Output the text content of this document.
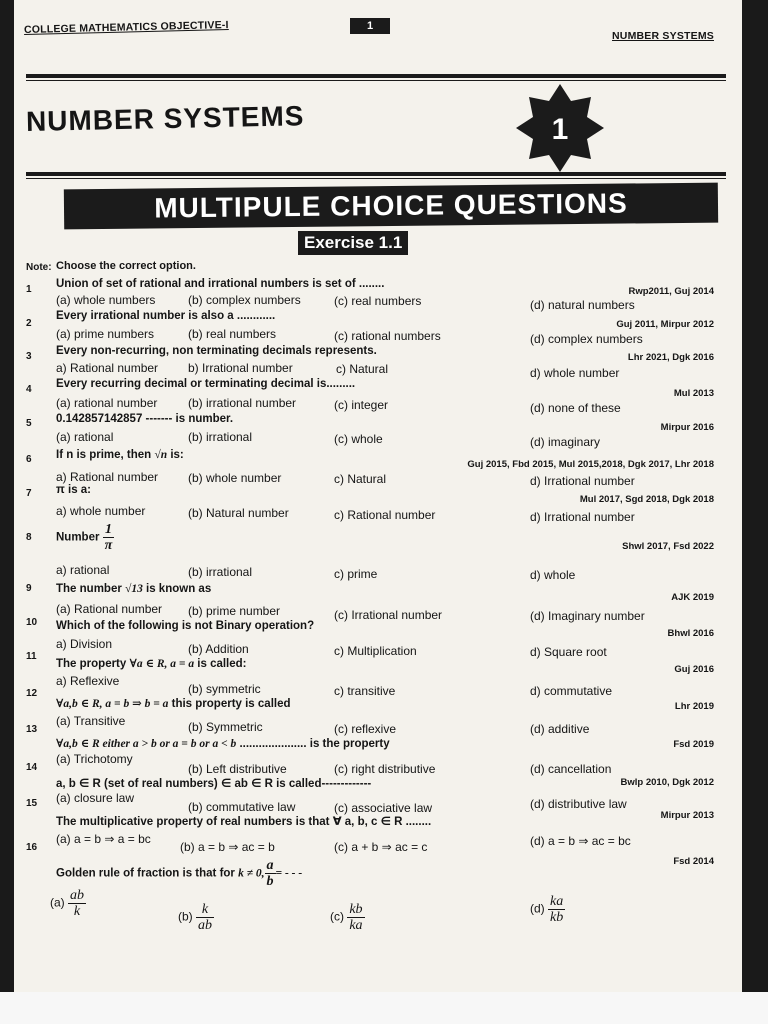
COLLEGE MATHEMATICS OBJECTIVE-I	1
NUMBER SYSTEMS
NUMBER SYSTEMS	1
MULTIPULE CHOICE QUESTIONS
Exercise 1.1
Note: Choose the correct option.
1 Union of set of rational and irrational numbers is set of ........
Rwp2011, Guj 2014
(a) whole numbers	(b) complex numbers	(c) real numbers	(d) natural numbers
2
Every irrational number is also a ............
Guj 2011, Mirpur 2012
(a) prime numbers	(b) real numbers	(c) rational numbers	(d) complex numbers
3 Every non-recurring, non terminating decimals represents.
Lhr 2021, Dgk 2016
a) Rational number b) Irrational number	c) Natural	d) whole number
4 Every recurring decimal or terminating decimal is.........
Mul 2013
(a) rational number	(b) irrational number	(c) integer	(d) none of these
5 0.142857142857 ------- is number.
Mirpur 2016
(a) rational	(b) irrational	(c) whole	(d) imaginary
6 If n is prime, then √n is:
Guj 2015, Fbd 2015, Mul 2015,2018, Dgk 2017, Lhr 2018
a) Rational number (b) whole number	c) Natural	d) Irrational number
7 π is a:
Mul 2017, Sgd 2018, Dgk 2018
a) whole number	(b) Natural number	c) Rational number	d) Irrational number
8 Number $\frac{1}{\pi}$	Shwl 2017, Fsd 2022
a) rational	(b) irrational	c) prime	d) whole
9 The number √13 is known as
AJK 2019
(a) Rational number (b) prime number	(c) Irrational number	(d) Imaginary number
10 Which of the following is not Binary operation?
Bhwl 2016
a) Division	(b) Addition	c) Multiplication	d) Square root
11
The property ∀a ∈ R, a = a is called:	Guj 2016
a) Reflexive
(b) symmetric	c) transitive	d) commutative
12
∀a,b ∈ R, a = b ⇒ b = a this property is called	Lhr 2019
(a) Transitive	(b) Symmetric	(c) reflexive	(d) additive
13
∀a,b ∈ R either a > b or a = b or a < b ..................... is the property	Fsd 2019
(a) Trichotomy
(b) Left distributive	(c) right distributive	(d) cancellation
14
a, b ∈ R (set of real numbers) ∈ ab ∈ R is called-------------	Bwlp 2010, Dgk 2012
(a) closure law
(b) commutative law	(c) associative law	(d) distributive law
15
The multiplicative property of real numbers is that ∀ a, b, c ∈ R ........
Mirpur 2013
(a) a = b ⇒ a = bc
(b) a = b ⇒ ac = b	(c) a + b ⇒ ac = c	(d) a = b ⇒ ac = bc
16
Golden rule of fraction is that for k ≠ 0, $\frac{a}{b}$ = - - -
Fsd 2014
$(a) \frac{ab}{k}$	$(b) \frac{k}{ab}$	$(c) \frac{kb}{ka}$	$(d) \frac{ka}{kb}$
